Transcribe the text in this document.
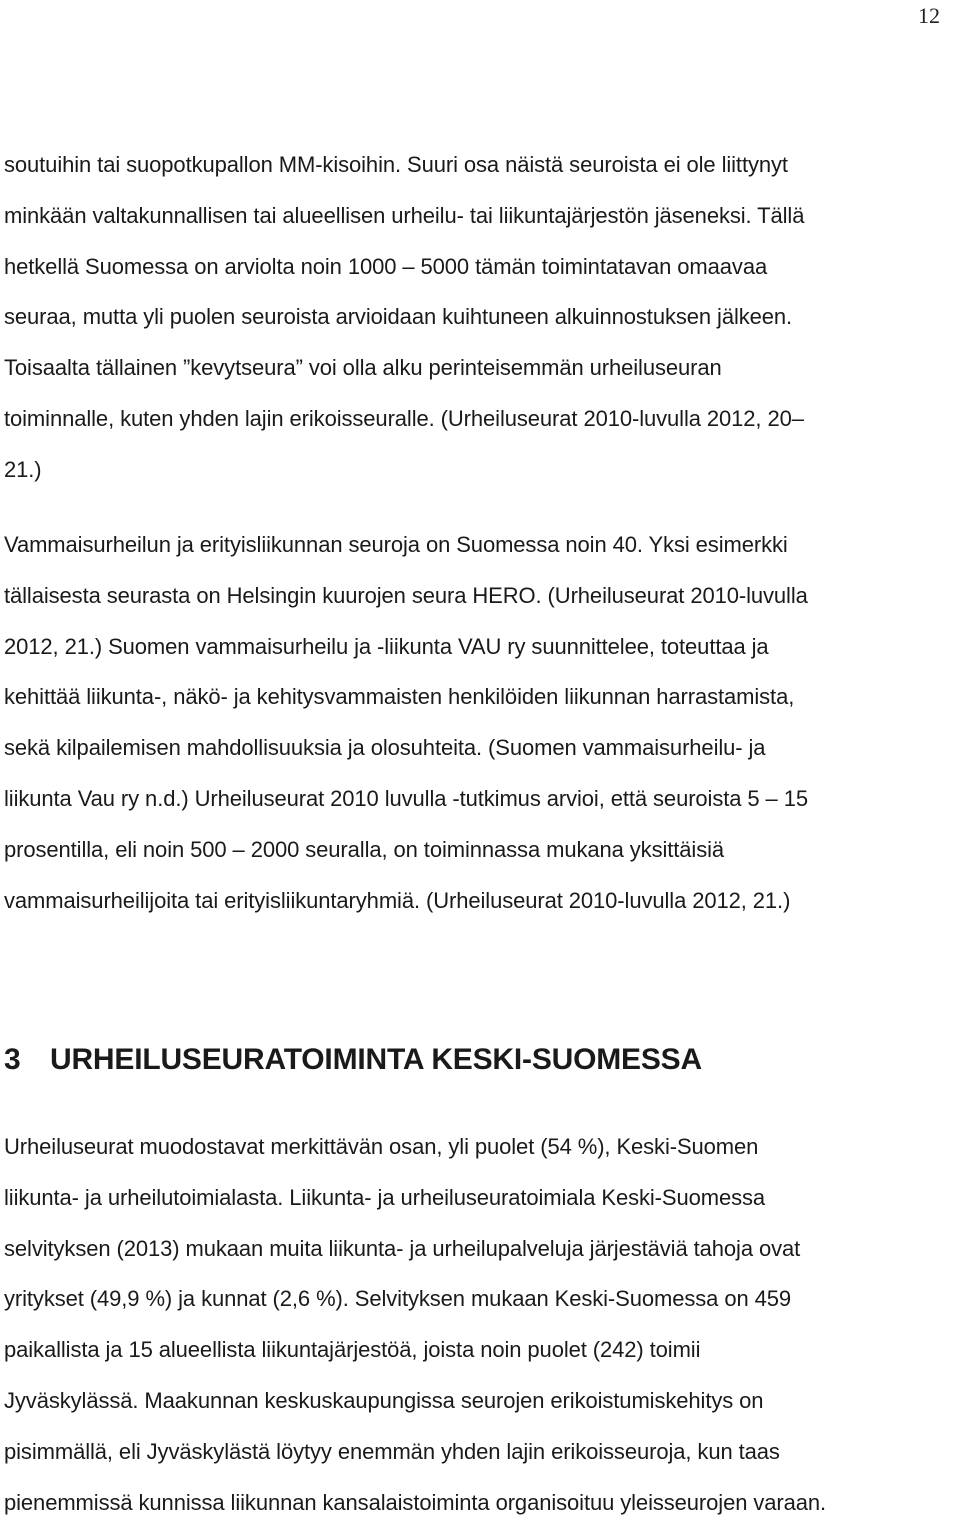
12
soutuihin tai suopotkupallon MM-kisoihin. Suuri osa näistä seuroista ei ole liittynyt
minkään valtakunnallisen tai alueellisen urheilu- tai liikuntajärjestön jäseneksi. Tällä
hetkellä Suomessa on arviolta noin 1000 – 5000 tämän toimintatavan omaavaa
seuraa, mutta yli puolen seuroista arvioidaan kuihtuneen alkuinnostuksen jälkeen.
Toisaalta tällainen ”kevytseura” voi olla alku perinteisemmän urheiluseuran
toiminnalle, kuten yhden lajin erikoisseuralle. (Urheiluseurat 2010-luvulla 2012, 20–
21.)
Vammaisurheilun ja erityisliikunnan seuroja on Suomessa noin 40. Yksi esimerkki
tällaisesta seurasta on Helsingin kuurojen seura HERO. (Urheiluseurat 2010-luvulla
2012, 21.) Suomen vammaisurheilu ja -liikunta VAU ry suunnittelee, toteuttaa ja
kehittää liikunta-, näkö- ja kehitysvammaisten henkilöiden liikunnan harrastamista,
sekä kilpailemisen mahdollisuuksia ja olosuhteita. (Suomen vammaisurheilu- ja
liikunta Vau ry n.d.) Urheiluseurat 2010 luvulla -tutkimus arvioi, että seuroista 5 – 15
prosentilla, eli noin 500 – 2000 seuralla, on toiminnassa mukana yksittäisiä
vammaisurheilijoita tai erityisliikuntaryhmiä. (Urheiluseurat 2010-luvulla 2012, 21.)
3 URHEILUSEURATOIMINTA KESKI-SUOMESSA
Urheiluseurat muodostavat merkittävän osan, yli puolet (54 %), Keski-Suomen
liikunta- ja urheilutoimialasta. Liikunta- ja urheiluseuratoimiala Keski-Suomessa
selvityksen (2013) mukaan muita liikunta- ja urheilupalveluja järjestäviä tahoja ovat
yritykset (49,9 %) ja kunnat (2,6 %). Selvityksen mukaan Keski-Suomessa on 459
paikallista ja 15 alueellista liikuntajärjestöä, joista noin puolet (242) toimii
Jyväskylässä. Maakunnan keskuskaupungissa seurojen erikoistumiskehitys on
pisimmällä, eli Jyväskylästä löytyy enemmän yhden lajin erikoisseuroja, kun taas
pienemmissä kunnissa liikunnan kansalaistoiminta organisoituu yleisseurojen varaan.
